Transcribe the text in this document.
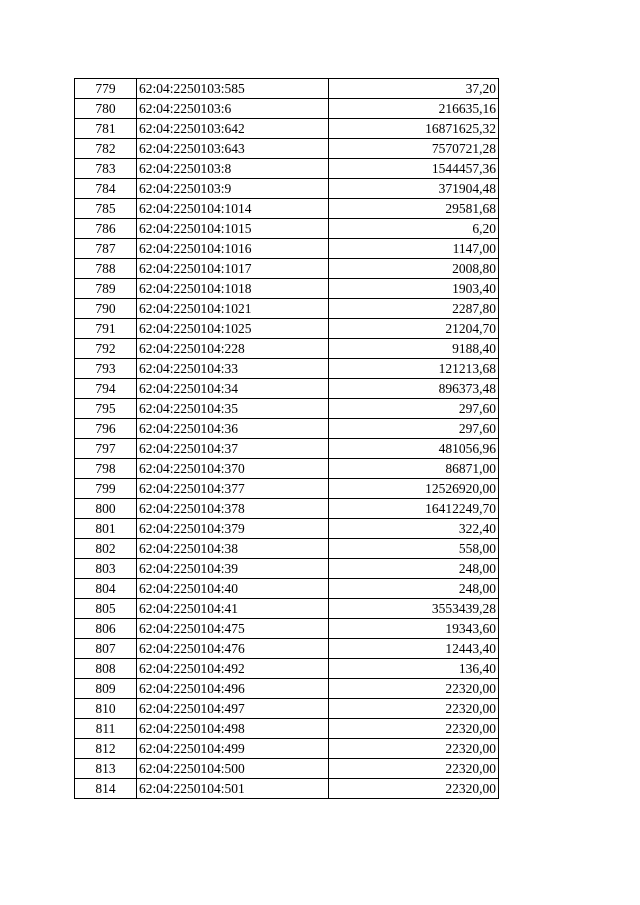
779	62:04:2250103:585	37,20
780	62:04:2250103:6	216635,16
781	62:04:2250103:642	16871625,32
782	62:04:2250103:643	7570721,28
783	62:04:2250103:8	1544457,36
784	62:04:2250103:9	371904,48
785	62:04:2250104:1014	29581,68
786	62:04:2250104:1015	6,20
787	62:04:2250104:1016	1147,00
788	62:04:2250104:1017	2008,80
789	62:04:2250104:1018	1903,40
790	62:04:2250104:1021	2287,80
791	62:04:2250104:1025	21204,70
792	62:04:2250104:228	9188,40
793	62:04:2250104:33	121213,68
794	62:04:2250104:34	896373,48
795	62:04:2250104:35	297,60
796	62:04:2250104:36	297,60
797	62:04:2250104:37	481056,96
798	62:04:2250104:370	86871,00
799	62:04:2250104:377	12526920,00
800	62:04:2250104:378	16412249,70
801	62:04:2250104:379	322,40
802	62:04:2250104:38	558,00
803	62:04:2250104:39	248,00
804	62:04:2250104:40	248,00
805	62:04:2250104:41	3553439,28
806	62:04:2250104:475	19343,60
807	62:04:2250104:476	12443,40
808	62:04:2250104:492	136,40
809	62:04:2250104:496	22320,00
810	62:04:2250104:497	22320,00
811	62:04:2250104:498	22320,00
812	62:04:2250104:499	22320,00
813	62:04:2250104:500	22320,00
814	62:04:2250104:501	22320,00
